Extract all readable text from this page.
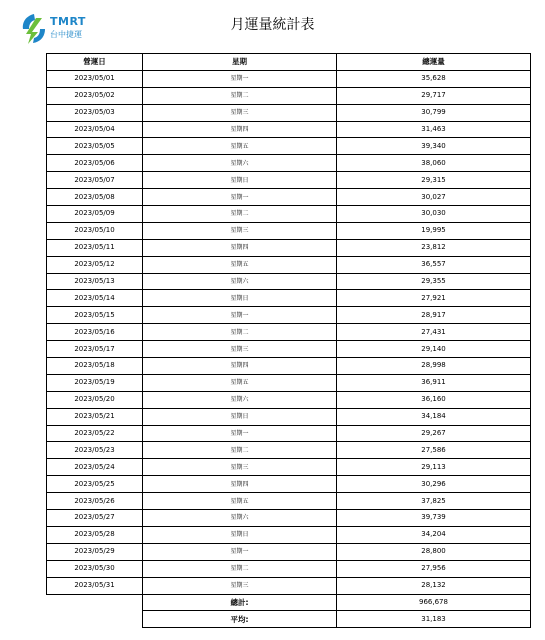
TMRT
台中捷運
月運量統計表
營運日	星期	總運量
2023/05/01	星期一	35,628
2023/05/02	星期二	29,717
2023/05/03	星期三	30,799
2023/05/04	星期四	31,463
2023/05/05	星期五	39,340
2023/05/06	星期六	38,060
2023/05/07	星期日	29,315
2023/05/08	星期一	30,027
2023/05/09	星期二	30,030
2023/05/10	星期三	19,995
2023/05/11	星期四	23,812
2023/05/12	星期五	36,557
2023/05/13	星期六	29,355
2023/05/14	星期日	27,921
2023/05/15	星期一	28,917
2023/05/16	星期二	27,431
2023/05/17	星期三	29,140
2023/05/18	星期四	28,998
2023/05/19	星期五	36,911
2023/05/20	星期六	36,160
2023/05/21	星期日	34,184
2023/05/22	星期一	29,267
2023/05/23	星期二	27,586
2023/05/24	星期三	29,113
2023/05/25	星期四	30,296
2023/05/26	星期五	37,825
2023/05/27	星期六	39,739
2023/05/28	星期日	34,204
2023/05/29	星期一	28,800
2023/05/30	星期二	27,956
2023/05/31	星期三	28,132
	總計:	966,678
	平均:	31,183
